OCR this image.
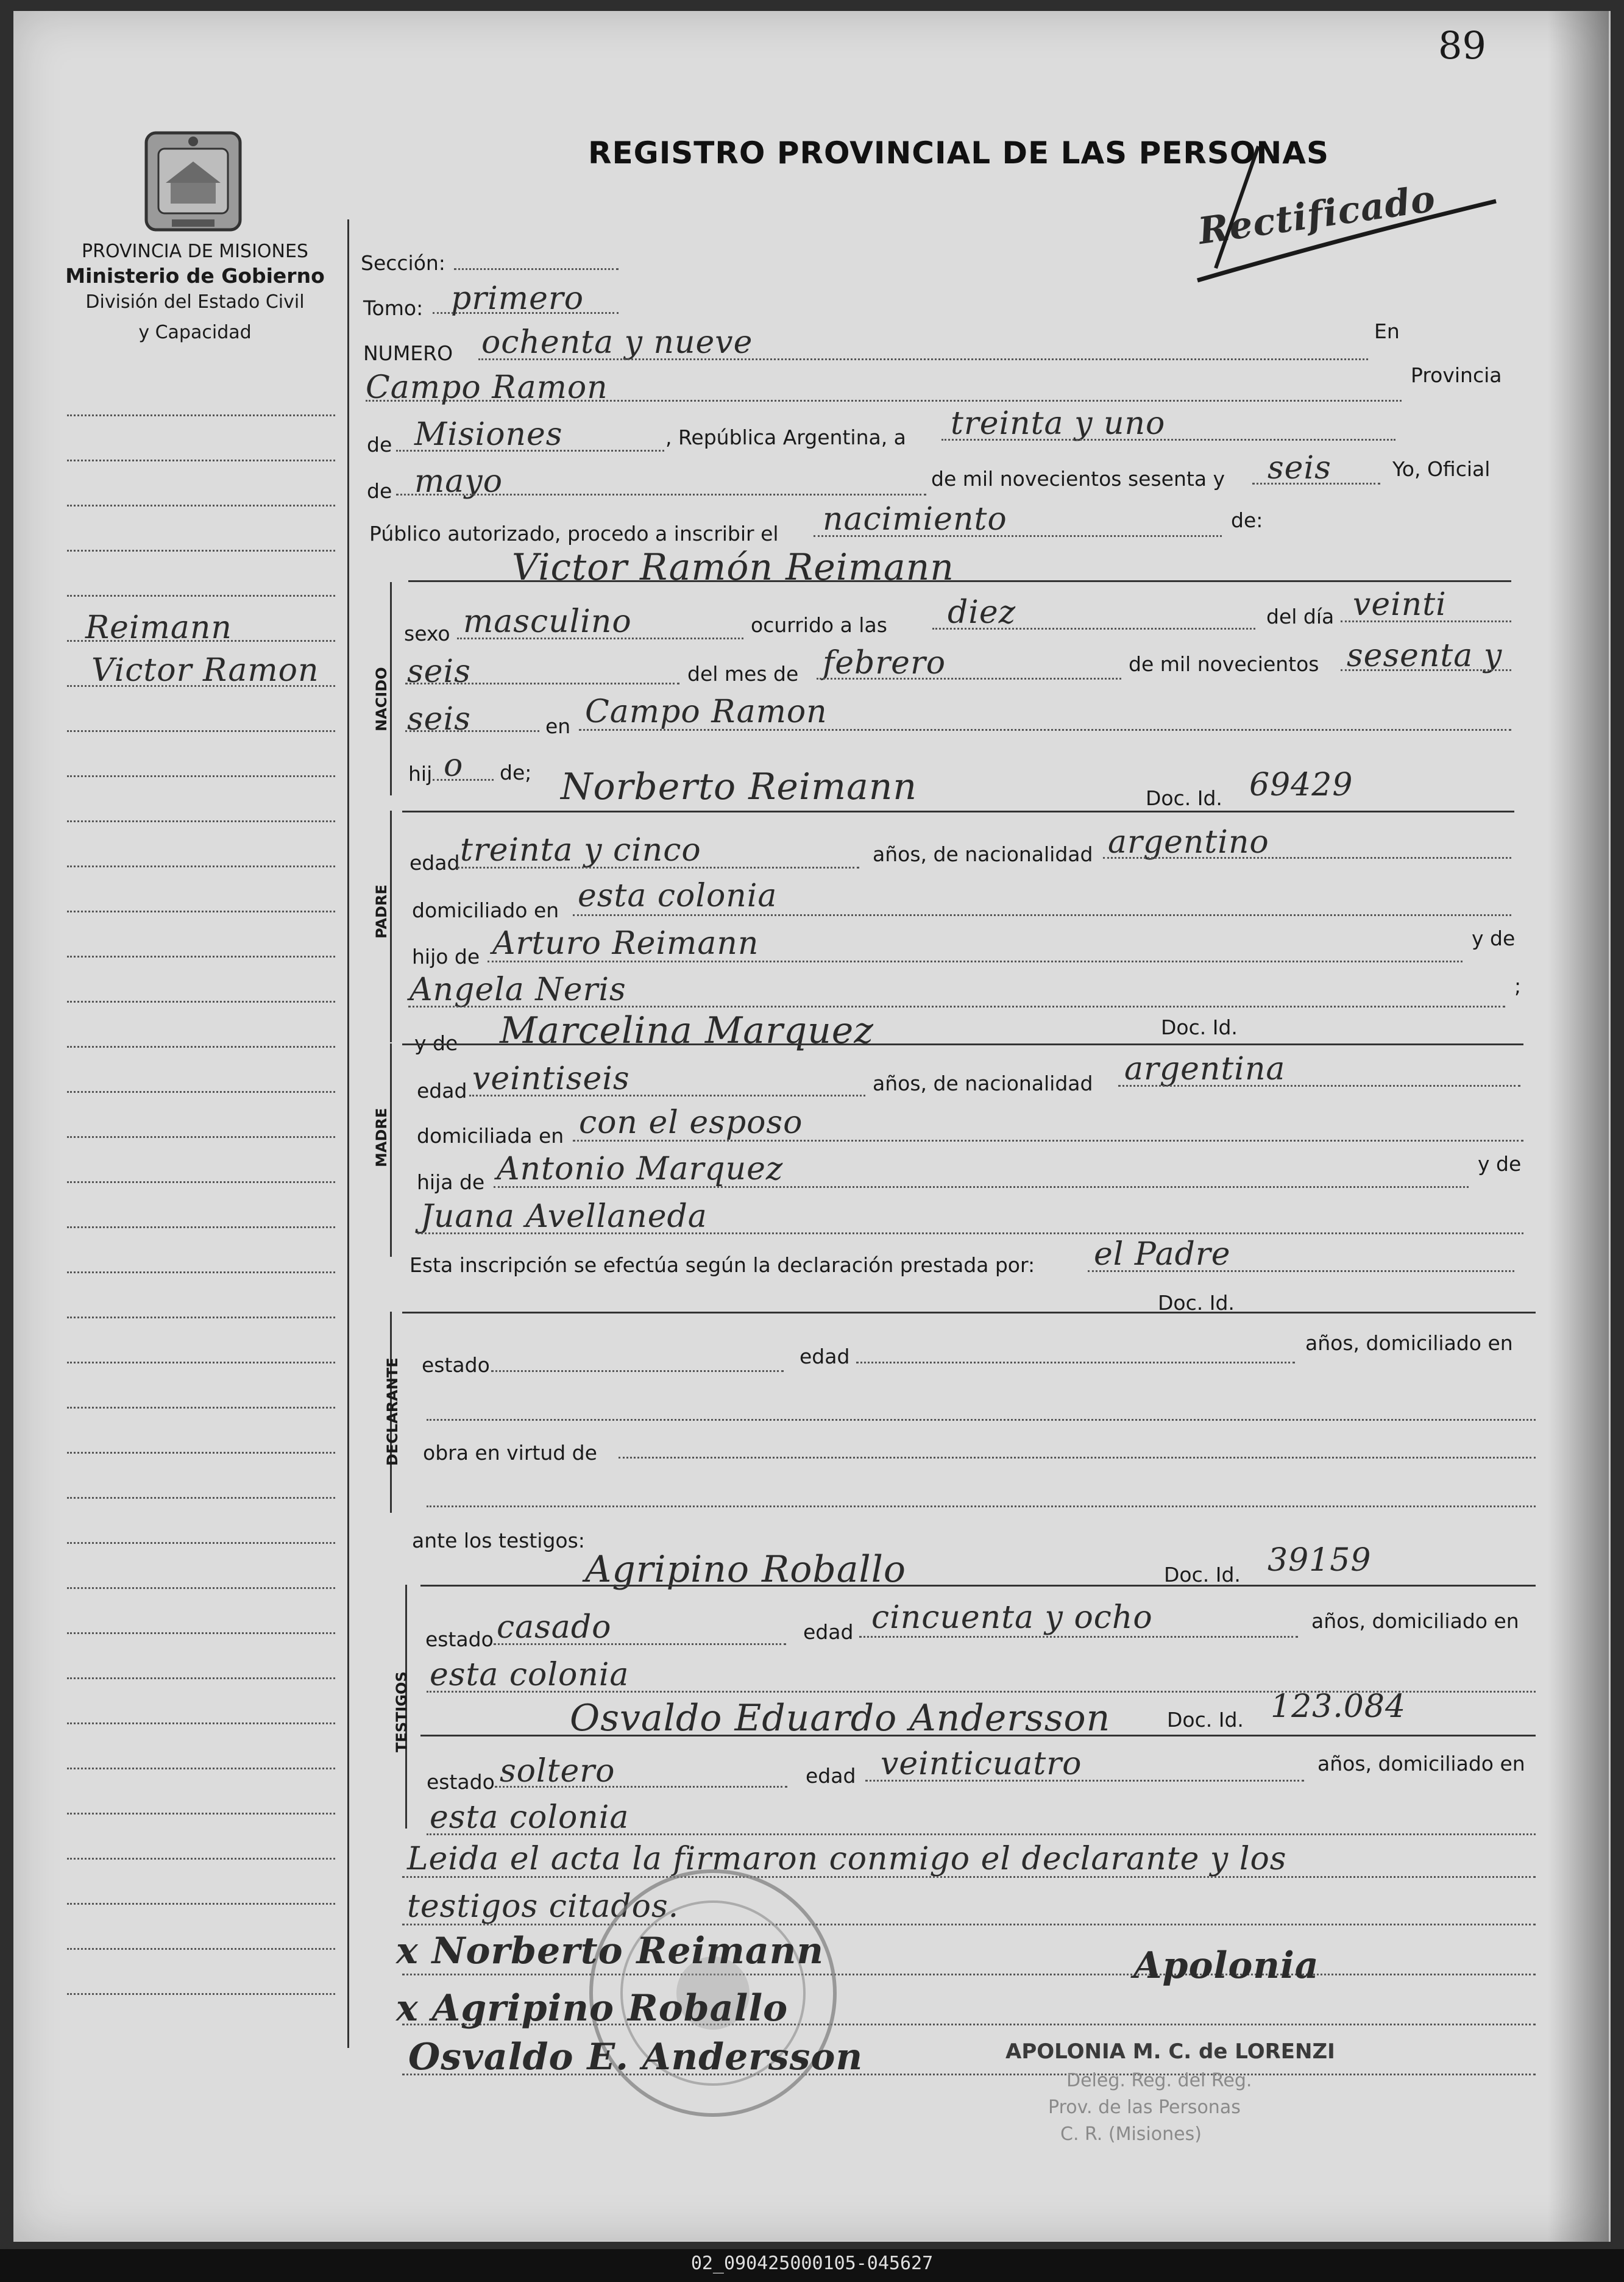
89
PROVINCIA DE MISIONES
Ministerio de Gobierno
División del Estado Civil
y Capacidad
REGISTRO PROVINCIAL DE LAS PERSONAS
Rectificado
Reimann
Victor Ramon
Sección:
Tomo: primero
NUMERO ochenta y nueve	En
Campo Ramon	Provincia
de Misiones	, República Argentina, a treinta y uno
de mayo	de mil novecientos sesenta y seis	Yo, Oficial
Público autorizado, procedo a inscribir el nacimiento	de:
Victor Ramón Reimann
NACIDO
sexo masculino	ocurrido a las diez	del día veinti
seis	del mes de febrero	de mil novecientos sesenta y
seis	en Campo Ramon
hij o de; Norberto Reimann	Doc. Id. 69429
PADRE
edad treinta y cinco	años, de nacionalidad argentino
domiciliado en esta colonia
hijo de Arturo Reimann	y de
Angela Neris	;
y de Marcelina Marquez	Doc. Id.
MADRE
edad veintiseis	años, de nacionalidad argentina
domiciliada en con el esposo
hija de Antonio Marquez	y de
Juana Avellaneda
Esta inscripción se efectúa según la declaración prestada por: el Padre
Doc. Id.
DECLARANTE estado	edad
años, domiciliado en
obra en virtud de
ante los testigos:
Agripino Roballo	Doc. Id. 39159
TESTIGOS
estado casado	edad cincuenta y ocho	años, domiciliado en
esta colonia
Osvaldo Eduardo Andersson	Doc. Id. 123.084
estado soltero	edad veinticuatro	años, domiciliado en
esta colonia
Leida el acta la firmaron conmigo el declarante y los
testigos citados.
x Norberto Reimann
x Agripino Roballo
Osvaldo E. Andersson
Apolonia
APOLONIA M. C. de LORENZI
Deleg. Reg. del Reg.
Prov. de las Personas
C. R. (Misiones)
02_090425000105-045627
